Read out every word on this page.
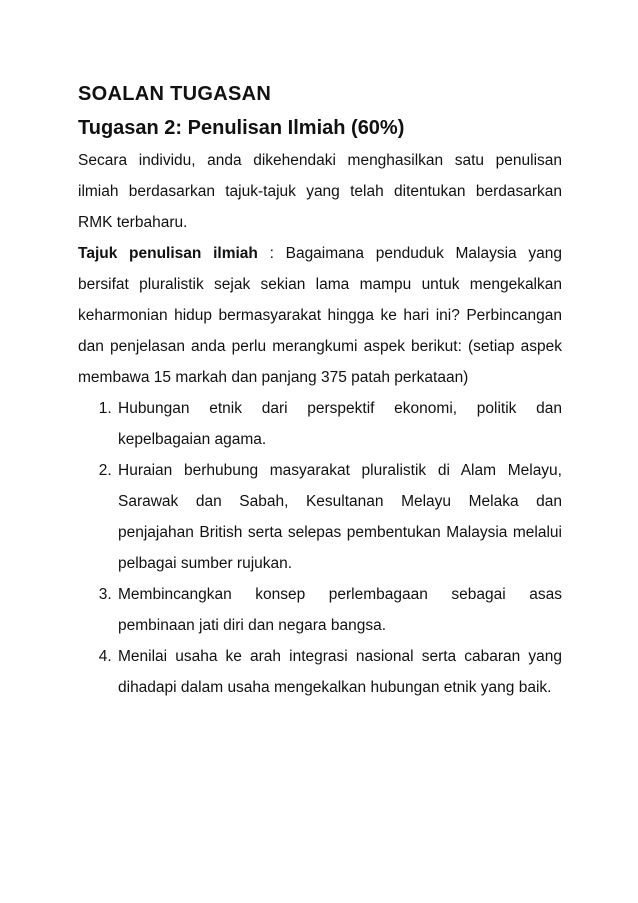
SOALAN TUGASAN
Tugasan 2: Penulisan Ilmiah (60%)

Secara individu, anda dikehendaki menghasilkan satu penulisan ilmiah berdasarkan tajuk-tajuk yang telah ditentukan berdasarkan RMK terbaharu.

Tajuk penulisan ilmiah : Bagaimana penduduk Malaysia yang bersifat pluralistik sejak sekian lama mampu untuk mengekalkan keharmonian hidup bermasyarakat hingga ke hari ini? Perbincangan dan penjelasan anda perlu merangkumi aspek berikut: (setiap aspek membawa 15 markah dan panjang 375 patah perkataan)

1. Hubungan etnik dari perspektif ekonomi, politik dan kepelbagaian agama.
2. Huraian berhubung masyarakat pluralistik di Alam Melayu, Sarawak dan Sabah, Kesultanan Melayu Melaka dan penjajahan British serta selepas pembentukan Malaysia melalui pelbagai sumber rujukan.
3. Membincangkan konsep perlembagaan sebagai asas pembinaan jati diri dan negara bangsa.
4. Menilai usaha ke arah integrasi nasional serta cabaran yang dihadapi dalam usaha mengekalkan hubungan etnik yang baik.
